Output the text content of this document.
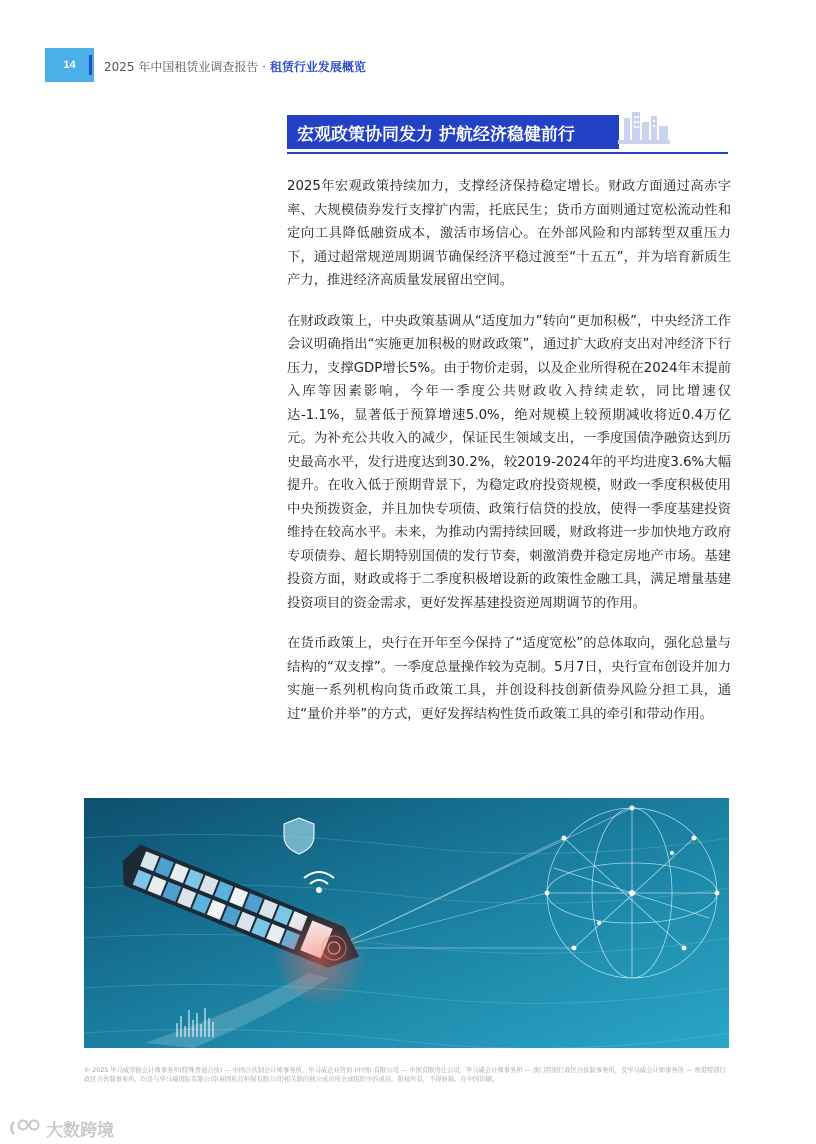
14	2025 年中国租赁业调查报告 · 租赁行业发展概览
宏观政策协同发力 护航经济稳健前行

2025年宏观政策持续加力，支撑经济保持稳定增长。财政方面通过高赤字率、大规模债券发行支撑扩内需，托底民生；货币方面则通过宽松流动性和定向工具降低融资成本，激活市场信心。在外部风险和内部转型双重压力下，通过超常规逆周期调节确保经济平稳过渡至“十五五”，并为培育新质生产力，推进经济高质量发展留出空间。

在财政政策上，中央政策基调从“适度加力”转向“更加积极”，中央经济工作会议明确指出“实施更加积极的财政政策”，通过扩大政府支出对冲经济下行压力，支撑GDP增长5%。由于物价走弱，以及企业所得税在2024年末提前入库等因素影响，今年一季度公共财政收入持续走软，同比增速仅达-1.1%，显著低于预算增速5.0%，绝对规模上较预期减收将近0.4万亿元。为补充公共收入的减少，保证民生领域支出，一季度国债净融资达到历史最高水平，发行进度达到30.2%，较2019-2024年的平均进度3.6%大幅提升。在收入低于预期背景下，为稳定政府投资规模，财政一季度积极使用中央预拨资金，并且加快专项债、政策行信贷的投放，使得一季度基建投资维持在较高水平。未来，为推动内需持续回暖，财政将进一步加快地方政府专项债券、超长期特别国债的发行节奏，刺激消费并稳定房地产市场。基建投资方面，财政或将于二季度积极增设新的政策性金融工具，满足增量基建投资项目的资金需求，更好发挥基建投资逆周期调节的作用。

在货币政策上，央行在开年至今保持了“适度宽松”的总体取向，强化总量与结构的“双支撑”。一季度总量操作较为克制。5月7日，央行宣布创设并加力实施一系列机构向货币政策工具，并创设科技创新债券风险分担工具，通过“量价并举”的方式，更好发挥结构性货币政策工具的牵引和带动作用。

© 2025 毕马威华振会计师事务所(特殊普通合伙) — 中国合伙制会计师事务所，毕马威企业咨询 (中国) 有限公司 — 中国有限责任公司，毕马威会计师事务所 — 澳门特别行政区合伙制事务所，及毕马威会计师事务所 — 香港特别行政区合伙制事务所，均是与毕马威国际有限公司(英国私营担保有限公司)相关联的独立成员所全球组织中的成员。版权所有，不得转载。在中国印刷。
大数跨境
